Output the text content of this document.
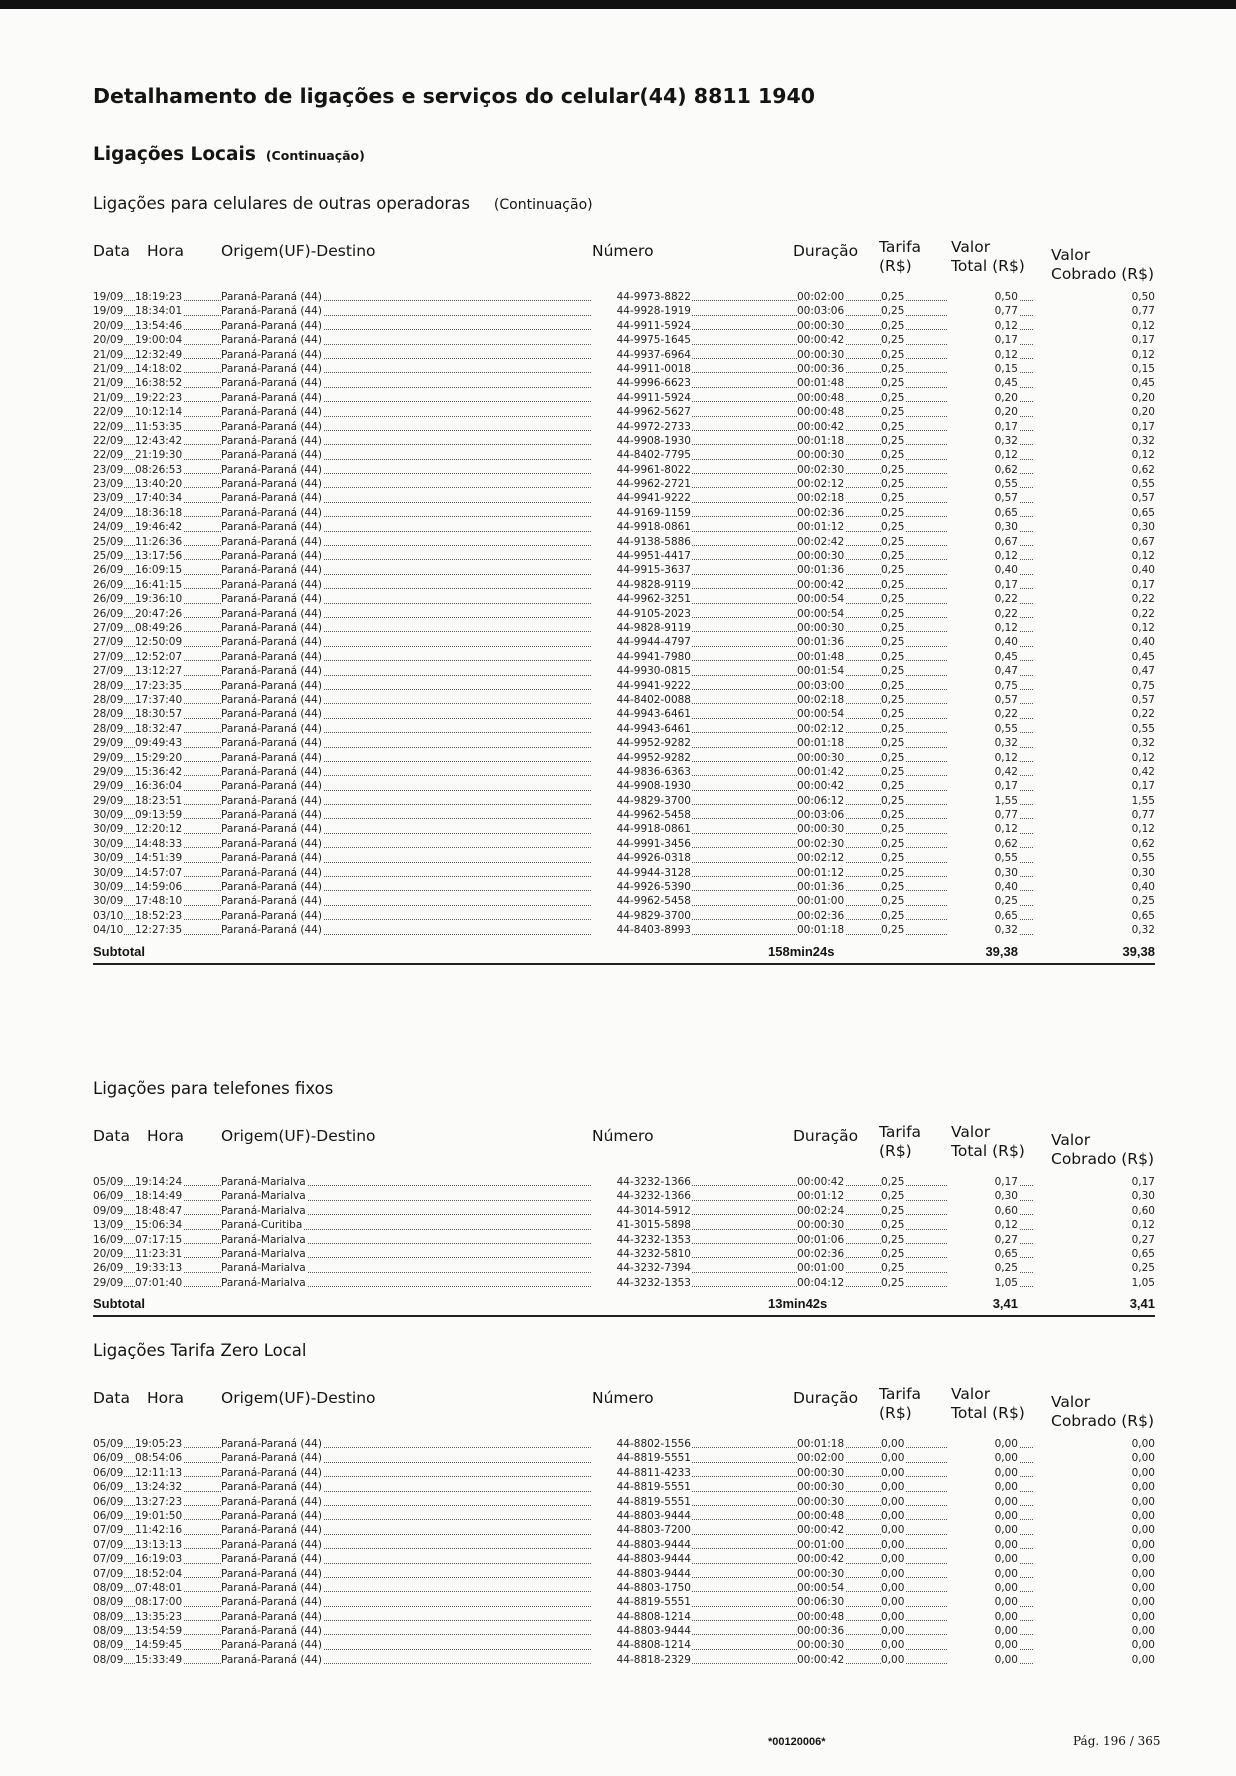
Detalhamento de ligações e serviços do celular(44) 8811 1940
Ligações Locais (Continuação)
Ligações para celulares de outras operadoras (Continuação)
Data Hora Origem(UF)-Destino	Número	Duração Tarifa
(R$)
Valor
Total (R$)
Valor
Cobrado (R$)
19/09 18:19:23	Paraná-Paraná (44)	44-9973-8822	00:02:00	0,25	0,50	0,50
19/09 18:34:01	Paraná-Paraná (44)	44-9928-1919	00:03:06	0,25	0,77	0,77
20/09 13:54:46	Paraná-Paraná (44)	44-9911-5924	00:00:30	0,25	0,12	0,12
20/09 19:00:04	Paraná-Paraná (44)	44-9975-1645	00:00:42	0,25	0,17	0,17
21/09 12:32:49	Paraná-Paraná (44)	44-9937-6964	00:00:30	0,25	0,12	0,12
21/09 14:18:02	Paraná-Paraná (44)	44-9911-0018	00:00:36	0,25	0,15	0,15
21/09 16:38:52	Paraná-Paraná (44)	44-9996-6623	00:01:48	0,25	0,45	0,45
21/09 19:22:23	Paraná-Paraná (44)	44-9911-5924	00:00:48	0,25	0,20	0,20
22/09 10:12:14	Paraná-Paraná (44)	44-9962-5627	00:00:48	0,25	0,20	0,20
22/09 11:53:35	Paraná-Paraná (44)	44-9972-2733	00:00:42	0,25	0,17	0,17
22/09 12:43:42	Paraná-Paraná (44)	44-9908-1930	00:01:18	0,25	0,32	0,32
22/09 21:19:30	Paraná-Paraná (44)	44-8402-7795	00:00:30	0,25	0,12	0,12
23/09 08:26:53	Paraná-Paraná (44)	44-9961-8022	00:02:30	0,25	0,62	0,62
23/09 13:40:20	Paraná-Paraná (44)	44-9962-2721	00:02:12	0,25	0,55	0,55
23/09 17:40:34	Paraná-Paraná (44)	44-9941-9222	00:02:18	0,25	0,57	0,57
24/09 18:36:18	Paraná-Paraná (44)	44-9169-1159	00:02:36	0,25	0,65	0,65
24/09 19:46:42	Paraná-Paraná (44)	44-9918-0861	00:01:12	0,25	0,30	0,30
25/09 11:26:36	Paraná-Paraná (44)	44-9138-5886	00:02:42	0,25	0,67	0,67
25/09 13:17:56	Paraná-Paraná (44)	44-9951-4417	00:00:30	0,25	0,12	0,12
26/09 16:09:15	Paraná-Paraná (44)	44-9915-3637	00:01:36	0,25	0,40	0,40
26/09 16:41:15	Paraná-Paraná (44)	44-9828-9119	00:00:42	0,25	0,17	0,17
26/09 19:36:10	Paraná-Paraná (44)	44-9962-3251	00:00:54	0,25	0,22	0,22
26/09 20:47:26	Paraná-Paraná (44)	44-9105-2023	00:00:54	0,25	0,22	0,22
27/09 08:49:26	Paraná-Paraná (44)	44-9828-9119	00:00:30	0,25	0,12	0,12
27/09 12:50:09	Paraná-Paraná (44)	44-9944-4797	00:01:36	0,25	0,40	0,40
27/09 12:52:07	Paraná-Paraná (44)	44-9941-7980	00:01:48	0,25	0,45	0,45
27/09 13:12:27	Paraná-Paraná (44)	44-9930-0815	00:01:54	0,25	0,47	0,47
28/09 17:23:35	Paraná-Paraná (44)	44-9941-9222	00:03:00	0,25	0,75	0,75
28/09 17:37:40	Paraná-Paraná (44)	44-8402-0088	00:02:18	0,25	0,57	0,57
28/09 18:30:57	Paraná-Paraná (44)	44-9943-6461	00:00:54	0,25	0,22	0,22
28/09 18:32:47	Paraná-Paraná (44)	44-9943-6461	00:02:12	0,25	0,55	0,55
29/09 09:49:43	Paraná-Paraná (44)	44-9952-9282	00:01:18	0,25	0,32	0,32
29/09 15:29:20	Paraná-Paraná (44)	44-9952-9282	00:00:30	0,25	0,12	0,12
29/09 15:36:42	Paraná-Paraná (44)	44-9836-6363	00:01:42	0,25	0,42	0,42
29/09 16:36:04	Paraná-Paraná (44)	44-9908-1930	00:00:42	0,25	0,17	0,17
29/09 18:23:51	Paraná-Paraná (44)	44-9829-3700	00:06:12	0,25	1,55	1,55
30/09 09:13:59	Paraná-Paraná (44)	44-9962-5458	00:03:06	0,25	0,77	0,77
30/09 12:20:12	Paraná-Paraná (44)	44-9918-0861	00:00:30	0,25	0,12	0,12
30/09 14:48:33	Paraná-Paraná (44)	44-9991-3456	00:02:30	0,25	0,62	0,62
30/09 14:51:39	Paraná-Paraná (44)	44-9926-0318	00:02:12	0,25	0,55	0,55
30/09 14:57:07	Paraná-Paraná (44)	44-9944-3128	00:01:12	0,25	0,30	0,30
30/09 14:59:06	Paraná-Paraná (44)	44-9926-5390	00:01:36	0,25	0,40	0,40
30/09 17:48:10	Paraná-Paraná (44)	44-9962-5458	00:01:00	0,25	0,25	0,25
03/10 18:52:23	Paraná-Paraná (44)	44-9829-3700	00:02:36	0,25	0,65	0,65
04/10 12:27:35	Paraná-Paraná (44)	44-8403-8993	00:01:18	0,25	0,32	0,32
Subtotal	158min24s	39,38	39,38
Ligações para telefones fixos
Data Hora Origem(UF)-Destino	Número	Duração Tarifa
(R$)
Valor
Total (R$)
Valor
Cobrado (R$)
05/09 19:14:24	Paraná-Marialva	44-3232-1366	00:00:42	0,25	0,17	0,17
06/09 18:14:49	Paraná-Marialva	44-3232-1366	00:01:12	0,25	0,30	0,30
09/09 18:48:47	Paraná-Marialva	44-3014-5912	00:02:24	0,25	0,60	0,60
13/09 15:06:34	Paraná-Curitiba	41-3015-5898	00:00:30	0,25	0,12	0,12
16/09 07:17:15	Paraná-Marialva	44-3232-1353	00:01:06	0,25	0,27	0,27
20/09 11:23:31	Paraná-Marialva	44-3232-5810	00:02:36	0,25	0,65	0,65
26/09 19:33:13	Paraná-Marialva	44-3232-7394	00:01:00	0,25	0,25	0,25
29/09 07:01:40	Paraná-Marialva	44-3232-1353	00:04:12	0,25	1,05	1,05
Subtotal	13min42s	3,41	3,41
Ligações Tarifa Zero Local
Data Hora Origem(UF)-Destino	Número	Duração Tarifa
(R$)
Valor
Total (R$)
Valor
Cobrado (R$)
05/09 19:05:23	Paraná-Paraná (44)	44-8802-1556	00:01:18	0,00	0,00	0,00
06/09 08:54:06	Paraná-Paraná (44)	44-8819-5551	00:02:00	0,00	0,00	0,00
06/09 12:11:13	Paraná-Paraná (44)	44-8811-4233	00:00:30	0,00	0,00	0,00
06/09 13:24:32	Paraná-Paraná (44)	44-8819-5551	00:00:30	0,00	0,00	0,00
06/09 13:27:23	Paraná-Paraná (44)	44-8819-5551	00:00:30	0,00	0,00	0,00
06/09 19:01:50	Paraná-Paraná (44)	44-8803-9444	00:00:48	0,00	0,00	0,00
07/09 11:42:16	Paraná-Paraná (44)	44-8803-7200	00:00:42	0,00	0,00	0,00
07/09 13:13:13	Paraná-Paraná (44)	44-8803-9444	00:01:00	0,00	0,00	0,00
07/09 16:19:03	Paraná-Paraná (44)	44-8803-9444	00:00:42	0,00	0,00	0,00
07/09 18:52:04	Paraná-Paraná (44)	44-8803-9444	00:00:30	0,00	0,00	0,00
08/09 07:48:01	Paraná-Paraná (44)	44-8803-1750	00:00:54	0,00	0,00	0,00
08/09 08:17:00	Paraná-Paraná (44)	44-8819-5551	00:06:30	0,00	0,00	0,00
08/09 13:35:23	Paraná-Paraná (44)	44-8808-1214	00:00:48	0,00	0,00	0,00
08/09 13:54:59	Paraná-Paraná (44)	44-8803-9444	00:00:36	0,00	0,00	0,00
08/09 14:59:45	Paraná-Paraná (44)	44-8808-1214	00:00:30	0,00	0,00	0,00
08/09 15:33:49	Paraná-Paraná (44)	44-8818-2329	00:00:42	0,00	0,00	0,00
*00120006*	Pág. 196 / 365
